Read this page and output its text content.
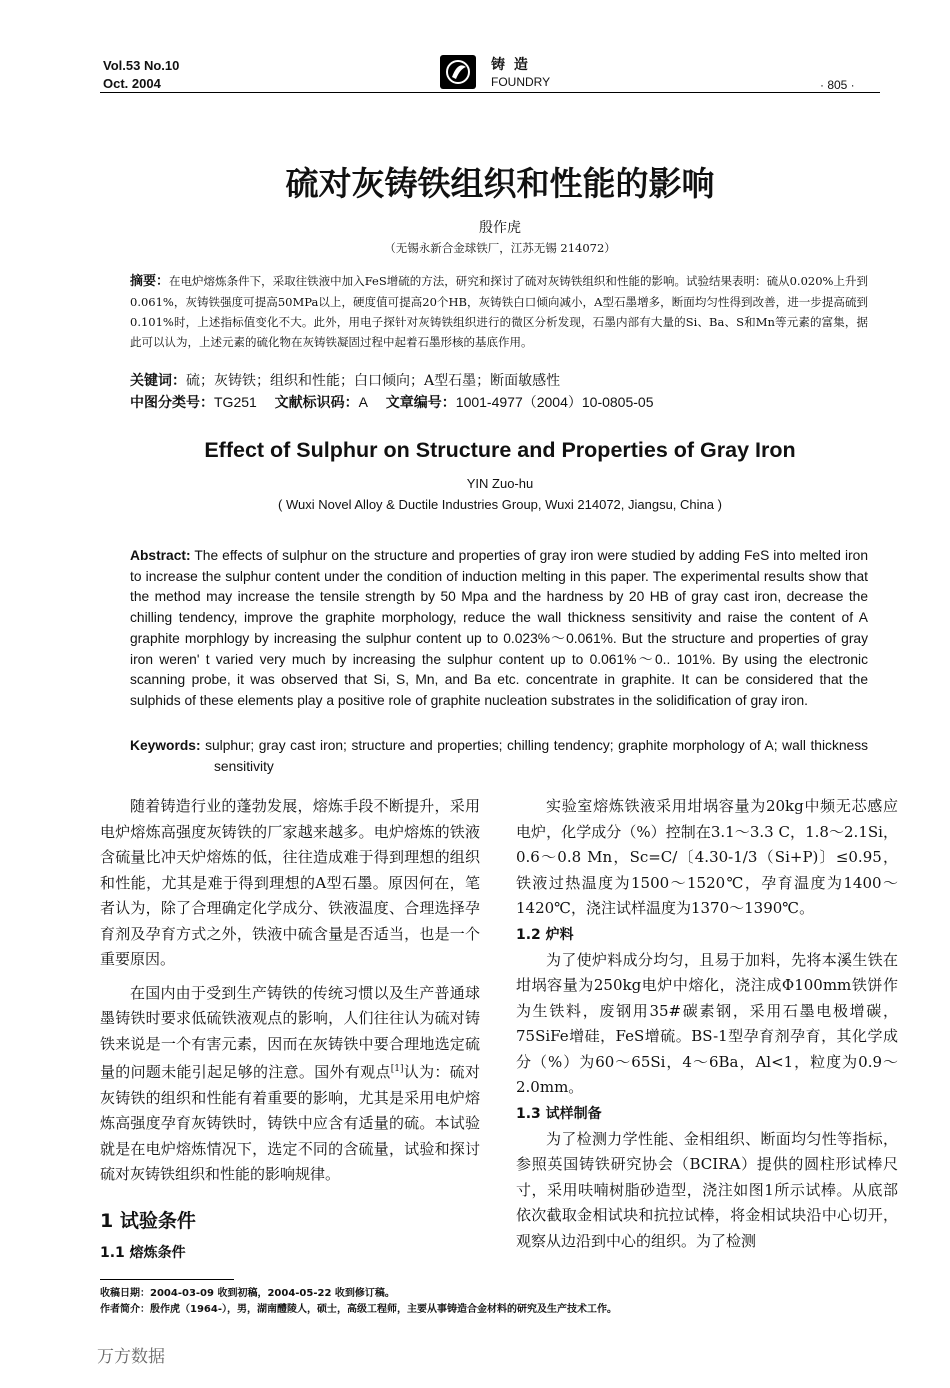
Vol.53 No.10
Oct. 2004
铸 造
FOUNDRY	· 805 ·
硫对灰铸铁组织和性能的影响
殷作虎
（无锡永新合金球铁厂，江苏无锡 214072）
摘要：在电炉熔炼条件下，采取往铁液中加入FeS增硫的方法，研究和探讨了硫对灰铸铁组织和性能的影响。试验结果表明：硫从0.020%上升到0.061%，灰铸铁强度可提高50MPa以上，硬度值可提高20个HB，灰铸铁白口倾向减小，A型石墨增多，断面均匀性得到改善，进一步提高硫到0.101%时，上述指标值变化不大。此外，用电子探针对灰铸铁组织进行的微区分析发现，石墨内部有大量的Si、Ba、S和Mn等元素的富集，据此可以认为，上述元素的硫化物在灰铸铁凝固过程中起着石墨形核的基底作用。
关键词：硫；灰铸铁；组织和性能；白口倾向；A型石墨；断面敏感性
中图分类号：TG251 文献标识码：A 文章编号：1001-4977（2004）10-0805-05
Effect of Sulphur on Structure and Properties of Gray Iron
YIN Zuo-hu
( Wuxi Novel Alloy & Ductile Industries Group, Wuxi 214072, Jiangsu, China )
Abstract: The effects of sulphur on the structure and properties of gray iron were studied by adding FeS into melted iron to increase the sulphur content under the condition of induction melting in this paper. The experimental results show that the method may increase the tensile strength by 50 Mpa and the hardness by 20 HB of gray cast iron, decrease the chilling tendency, improve the graphite morphology, reduce the wall thickness sensitivity and raise the content of A graphite morphlogy by increasing the sulphur content up to 0.023%～0.061%. But the structure and properties of gray iron weren' t varied very much by increasing the sulphur content up to 0.061%～0.. 101%. By using the electronic scanning probe, it was observed that Si, S, Mn, and Ba etc. concentrate in graphite. It can be considered that the sulphids of these elements play a positive role of graphite nucleation substrates in the solidification of gray iron.
Keywords: sulphur; gray cast iron; structure and properties; chilling tendency; graphite morphology of A; wall thickness sensitivity

随着铸造行业的蓬勃发展，熔炼手段不断提升，采用电炉熔炼高强度灰铸铁的厂家越来越多。电炉熔炼的铁液含硫量比冲天炉熔炼的低，往往造成难于得到理想的组织和性能，尤其是难于得到理想的A型石墨。原因何在，笔者认为，除了合理确定化学成分、铁液温度、合理选择孕育剂及孕育方式之外，铁液中硫含量是否适当，也是一个重要原因。

在国内由于受到生产铸铁的传统习惯以及生产普通球墨铸铁时要求低硫铁液观点的影响，人们往往认为硫对铸铁来说是一个有害元素，因而在灰铸铁中要合理地选定硫量的问题未能引起足够的注意。国外有观点[1]认为：硫对灰铸铁的组织和性能有着重要的影响，尤其是采用电炉熔炼高强度孕育灰铸铁时，铸铁中应含有适量的硫。本试验就是在电炉熔炼情况下，选定不同的含硫量，试验和探讨硫对灰铸铁组织和性能的影响规律。

1 试验条件
1.1 熔炼条件

实验室熔炼铁液采用坩埚容量为20kg中频无芯感应电炉，化学成分（%）控制在3.1～3.3 C，1.8～2.1Si，0.6～0.8 Mn，Sc=C/〔4.30-1/3（Si+P)〕≤0.95，铁液过热温度为1500～1520℃，孕育温度为1400～1420℃，浇注试样温度为1370～1390℃。

1.2 炉料

为了使炉料成分均匀，且易于加料，先将本溪生铁在坩埚容量为250kg电炉中熔化，浇注成Φ100mm铁饼作为生铁料，废钢用35#碳素钢，采用石墨电极增碳，75SiFe增硅，FeS增硫。BS-1型孕育剂孕育，其化学成分（%）为60～65Si，4～6Ba，Al<1，粒度为0.9～2.0mm。

1.3 试样制备

为了检测力学性能、金相组织、断面均匀性等指标，参照英国铸铁研究协会（BCIRA）提供的圆柱形试棒尺寸，采用呋喃树脂砂造型，浇注如图1所示试棒。从底部依次截取金相试块和抗拉试棒，将金相试块沿中心切开，观察从边沿到中心的组织。为了检测

收稿日期：2004-03-09 收到初稿，2004-05-22 收到修订稿。
作者简介：殷作虎（1964-），男，湖南醴陵人，硕士，高级工程师，主要从事铸造合金材料的研究及生产技术工作。
万方数据
